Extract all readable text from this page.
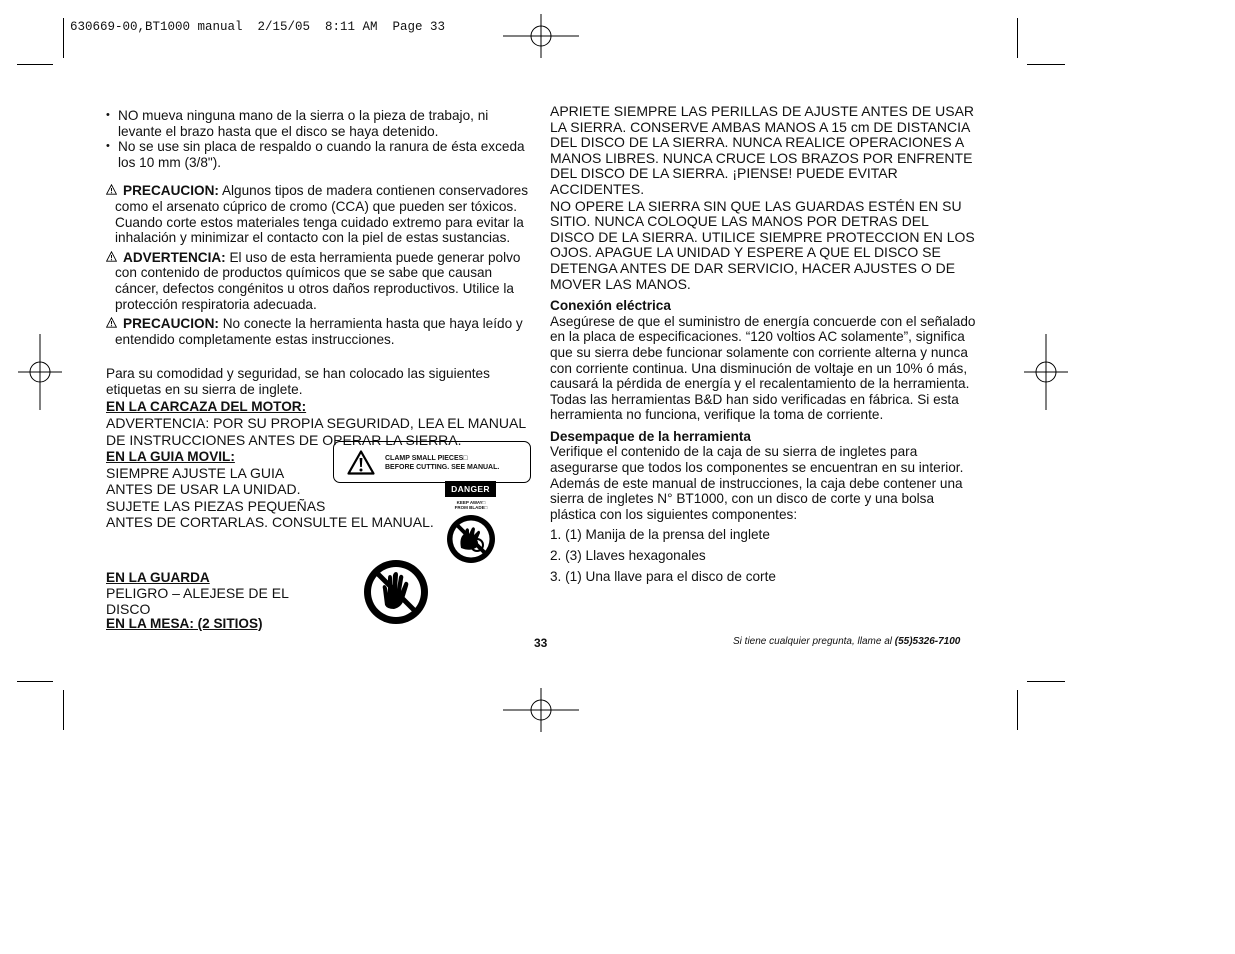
630669-00,BT1000 manual  2/15/05  8:11 AM  Page 33
• NO mueva ninguna mano de la sierra o la pieza de trabajo, ni levante el brazo hasta que el disco se haya detenido.
• No se use sin placa de respaldo o cuando la ranura de ésta exceda los 10 mm (3/8").
PRECAUCION: Algunos tipos de madera contienen conservadores como el arsenato cúprico de cromo (CCA) que pueden ser tóxicos. Cuando corte estos materiales tenga cuidado extremo para evitar la inhalación y minimizar el contacto con la piel de estas sustancias.
ADVERTENCIA: El uso de esta herramienta puede generar polvo con contenido de productos químicos que se sabe que causan cáncer, defectos congénitos u otros daños reproductivos. Utilice la protección respiratoria adecuada.
PRECAUCION: No conecte la herramienta hasta que haya leído y entendido completamente estas instrucciones.
Para su comodidad y seguridad, se han colocado las siguientes etiquetas en su sierra de inglete.
EN LA CARCAZA DEL MOTOR:
ADVERTENCIA: POR SU PROPIA SEGURIDAD, LEA EL MANUAL DE INSTRUCCIONES ANTES DE OPERAR LA SIERRA.
EN LA GUIA MOVIL:
SIEMPRE AJUSTE LA GUIA
ANTES DE USAR LA UNIDAD.
SUJETE LAS PIEZAS PEQUEÑAS
ANTES DE CORTARLAS. CONSULTE EL MANUAL.
EN LA GUARDA
PELIGRO – ALEJESE DE EL
DISCO
EN LA MESA: (2 SITIOS)
CLAMP SMALL PIECES□
BEFORE CUTTING. SEE MANUAL.
DANGER
KEEP AWAY□
FROM BLADE□
APRIETE SIEMPRE LAS PERILLAS DE AJUSTE ANTES DE USAR LA SIERRA. CONSERVE AMBAS MANOS A 15 cm DE DISTANCIA DEL DISCO DE LA SIERRA. NUNCA REALICE OPERACIONES A MANOS LIBRES. NUNCA CRUCE LOS BRAZOS POR ENFRENTE DEL DISCO DE LA SIERRA. ¡PIENSE! PUEDE EVITAR ACCIDENTES.
NO OPERE LA SIERRA SIN QUE LAS GUARDAS ESTÉN EN SU SITIO. NUNCA COLOQUE LAS MANOS POR DETRAS DEL DISCO DE LA SIERRA. UTILICE SIEMPRE PROTECCION EN LOS OJOS. APAGUE LA UNIDAD Y ESPERE A QUE EL DISCO SE DETENGA ANTES DE DAR SERVICIO, HACER AJUSTES O DE MOVER LAS MANOS.
Conexión eléctrica
Asegúrese de que el suministro de energía concuerde con el señalado en la placa de especificaciones. “120 voltios AC solamente”, significa que su sierra debe funcionar solamente con corriente alterna y nunca con corriente continua. Una disminución de voltaje en un 10% ó más, causará la pérdida de energía y el recalentamiento de la herramienta. Todas las herramientas B&D han sido verificadas en fábrica. Si esta herramienta no funciona, verifique la toma de corriente.
Desempaque de la herramienta
Verifique el contenido de la caja de su sierra de ingletes para asegurarse que todos los componentes se encuentran en su interior. Además de este manual de instrucciones, la caja debe contener una sierra de ingletes N° BT1000, con un disco de corte y una bolsa plástica con los siguientes componentes:
1. (1) Manija de la prensa del inglete
2. (3) Llaves hexagonales
3. (1) Una llave para el disco de corte
33	Si tiene cualquier pregunta, llame al (55)5326-7100
